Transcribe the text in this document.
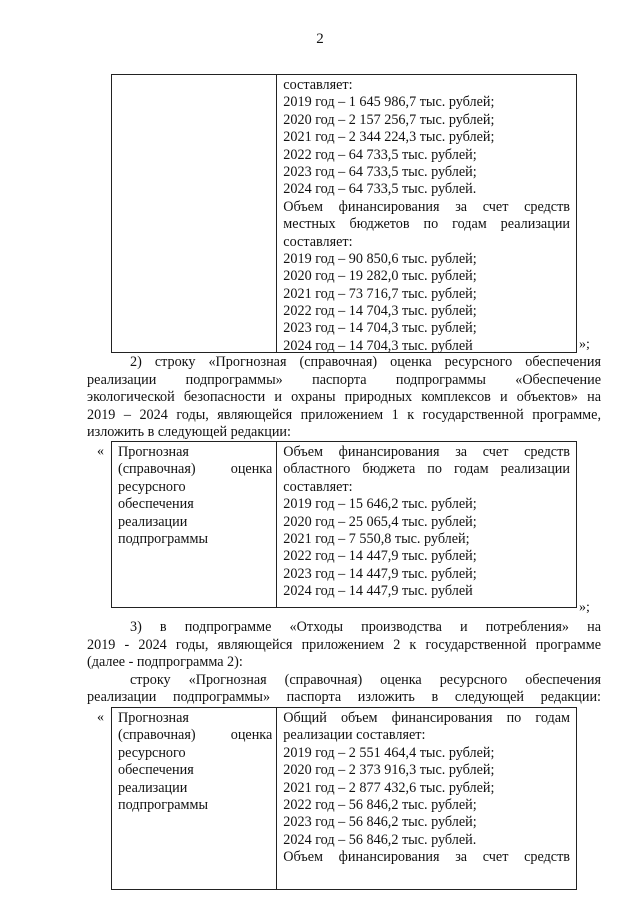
2
составляет:
2019 год – 1 645 986,7 тыс. рублей;
2020 год – 2 157 256,7 тыс. рублей;
2021 год – 2 344 224,3 тыс. рублей;
2022 год – 64 733,5 тыс. рублей;
2023 год – 64 733,5 тыс. рублей;
2024 год – 64 733,5 тыс. рублей.
Объем финансирования за счет средств
местных бюджетов по годам реализации
составляет:
2019 год – 90 850,6 тыс. рублей;
2020 год – 19 282,0 тыс. рублей;
2021 год – 73 716,7 тыс. рублей;
2022 год – 14 704,3 тыс. рублей;
2023 год – 14 704,3 тыс. рублей;
2024 год – 14 704,3 тыс. рублей	»;
2) строку «Прогнозная (справочная) оценка ресурсного обеспечения
реализации подпрограммы» паспорта подпрограммы «Обеспечение
экологической безопасности и охраны природных комплексов и объектов» на
2019 – 2024 годы, являющейся приложением 1 к государственной программе,
изложить в следующей редакции:
« Прогнозная
(справочная) оценка
ресурсного
обеспечения
реализации
подпрограммы
Объем финансирования за счет средств
областного бюджета по годам реализации
составляет:
2019 год – 15 646,2 тыс. рублей;
2020 год – 25 065,4 тыс. рублей;
2021 год – 7 550,8 тыс. рублей;
2022 год – 14 447,9 тыс. рублей;
2023 год – 14 447,9 тыс. рублей;
2024 год – 14 447,9 тыс. рублей
»;
3) в подпрограмме «Отходы производства и потребления» на
2019 - 2024 годы, являющейся приложением 2 к государственной программе
(далее - подпрограмма 2):
строку «Прогнозная (справочная) оценка ресурсного обеспечения
реализации подпрограммы» паспорта изложить в следующей редакции:
« Прогнозная
(справочная) оценка
ресурсного
обеспечения
реализации
подпрограммы
Общий объем финансирования по годам
реализации составляет:
2019 год – 2 551 464,4 тыс. рублей;
2020 год – 2 373 916,3 тыс. рублей;
2021 год – 2 877 432,6 тыс. рублей;
2022 год – 56 846,2 тыс. рублей;
2023 год – 56 846,2 тыс. рублей;
2024 год – 56 846,2 тыс. рублей.
Объем финансирования за счет средств
